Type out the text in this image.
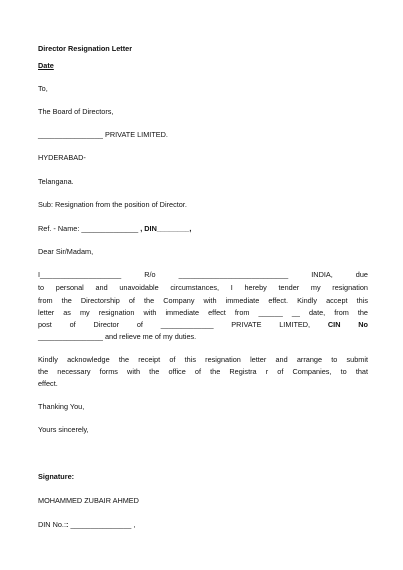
Director Resignation Letter
Date
To,
The Board of Directors,
________________ PRIVATE LIMITED.
HYDERABAD-
Telangana.
Sub: Resignation from the position of Director.
Ref. - Name: ______________ , DIN________,
Dear Sir/Madam,
I____________________	R/o	___________________________	INDIA, due
to personal and unavoidable circumstances, I hereby tender my resignation
from the Directorship of the Company with immediate effect. Kindly accept this
letter as my resignation with immediate effect from ______ __ date, from the
post of Director of _____________ PRIVATE LIMITED, CIN No
________________ and relieve me of my duties.
Kindly acknowledge the receipt of this resignation letter and arrange to submit
the necessary forms with the office of the Registra r of Companies, to that
effect.
Thanking You,
Yours sincerely,
Signature:
MOHAMMED ZUBAIR AHMED
DIN No.:: _______________ ,
